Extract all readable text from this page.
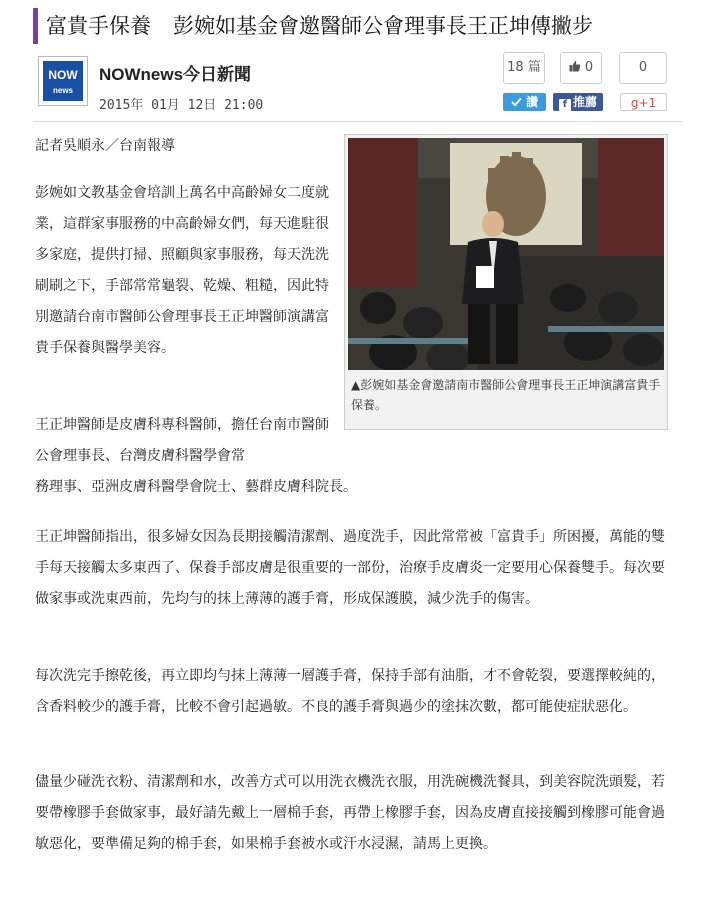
富貴手保養 彭婉如基金會邀醫師公會理事長王正坤傳撇步
NOW
news
NOWnews今日新聞
2015年 01月 12日 21:00
18 篇	0	0
讚	f 推薦	g+1

記者吳順永／台南報導

彭婉如文教基金會培訓上萬名中高齡婦女二度就業，這群家事服務的中高齡婦女們，每天進駐很多家庭，提供打掃、照顧與家事服務，每天洗洗刷刷之下，手部常常龜裂、乾燥、粗糙，因此特別邀請台南市醫師公會理事長王正坤醫師演講富貴手保養與醫學美容。

▲彭婉如基金會邀請南市醫師公會理事長王正坤演講富貴手保養。

王正坤醫師是皮膚科專科醫師，擔任台南市醫師公會理事長、台灣皮膚科醫學會常

務理事、亞洲皮膚科醫學會院士、藝群皮膚科院長。

王正坤醫師指出，很多婦女因為長期接觸清潔劑、過度洗手，因此常常被「富貴手」所困擾，萬能的雙手每天接觸太多東西了、保養手部皮膚是很重要的一部份，治療手皮膚炎一定要用心保養雙手。每次要做家事或洗東西前，先均勻的抹上薄薄的護手膏，形成保護膜，減少洗手的傷害。

每次洗完手擦乾後，再立即均勻抹上薄薄一層護手膏，保持手部有油脂，才不會乾裂，要選擇較純的，含香料較少的護手膏，比較不會引起過敏。不良的護手膏與過少的塗抹次數，都可能使症狀惡化。

儘量少碰洗衣粉、清潔劑和水，改善方式可以用洗衣機洗衣服，用洗碗機洗餐具，到美容院洗頭髮，若要帶橡膠手套做家事，最好請先戴上一層棉手套，再帶上橡膠手套，因為皮膚直接接觸到橡膠可能會過敏惡化，要準備足夠的棉手套，如果棉手套被水或汗水浸濕，請馬上更換。
